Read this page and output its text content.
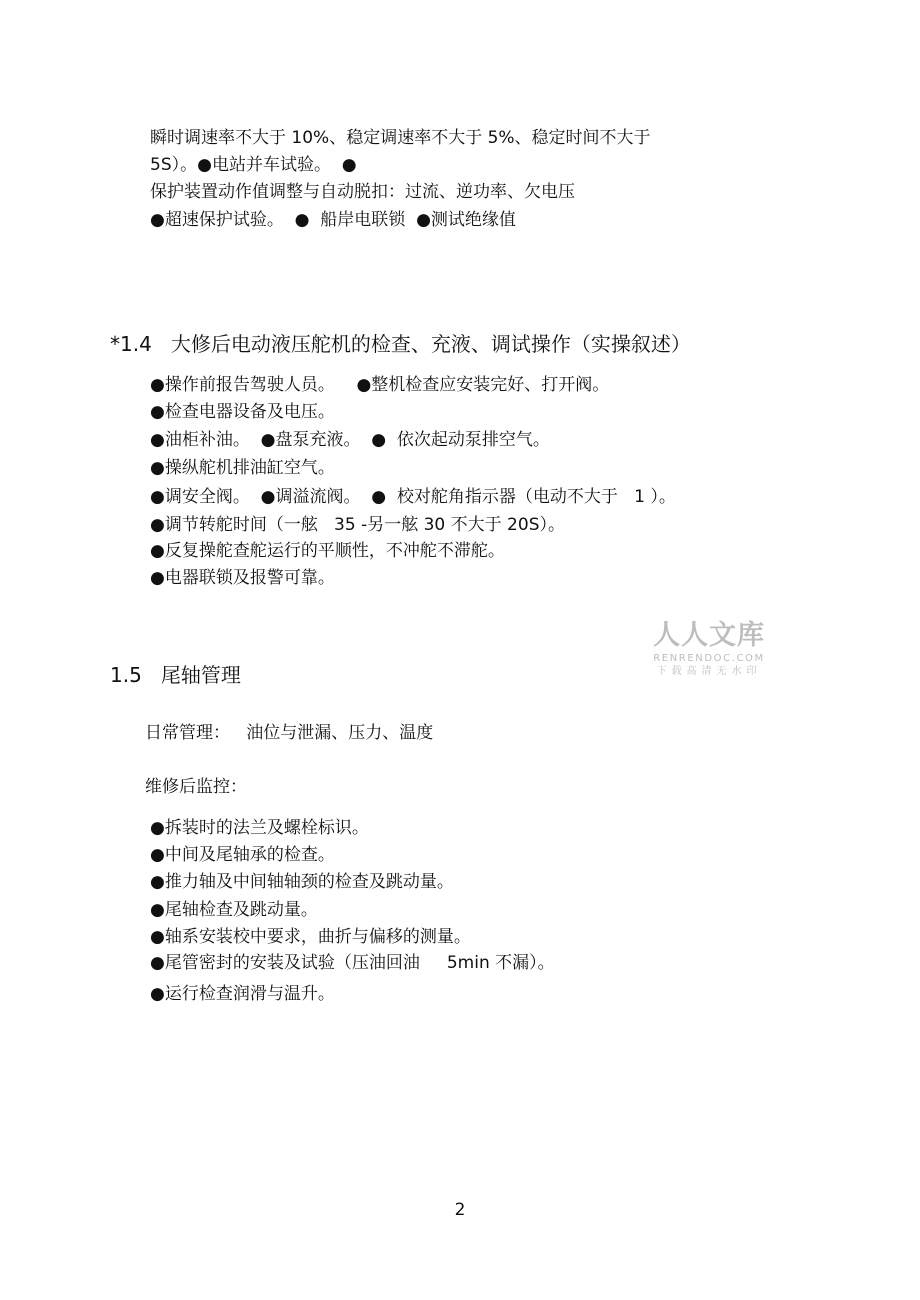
瞬时调速率不大于 10%、稳定调速率不大于 5%、稳定时间不大于
5S）。●电站并车试验。  ●
保护装置动作值调整与自动脱扣：过流、逆功率、欠电压
●超速保护试验。  ●  船岸电联锁  ●测试绝缘值
*1.4   大修后电动液压舵机的检查、充液、调试操作（实操叙述）
●操作前报告驾驶人员。    ●整机检查应安装完好、打开阀。
●检查电器设备及电压。
●油柜补油。  ●盘泵充液。  ●  依次起动泵排空气。
●操纵舵机排油缸空气。
●调安全阀。  ●调溢流阀。  ●  校对舵角指示器（电动不大于   1 ）。
●调节转舵时间（一舷   35 -另一舷 30 不大于 20S）。
●反复操舵查舵运行的平顺性，不冲舵不滞舵。
●电器联锁及报警可靠。
人人文库
RENRENDOC.COM
下载高清无水印
1.5   尾轴管理
日常管理：   油位与泄漏、压力、温度
维修后监控：
●拆装时的法兰及螺栓标识。
●中间及尾轴承的检查。
●推力轴及中间轴轴颈的检查及跳动量。
●尾轴检查及跳动量。
●轴系安装校中要求，曲折与偏移的测量。
●尾管密封的安装及试验（压油回油     5min 不漏）。
●运行检查润滑与温升。
2
